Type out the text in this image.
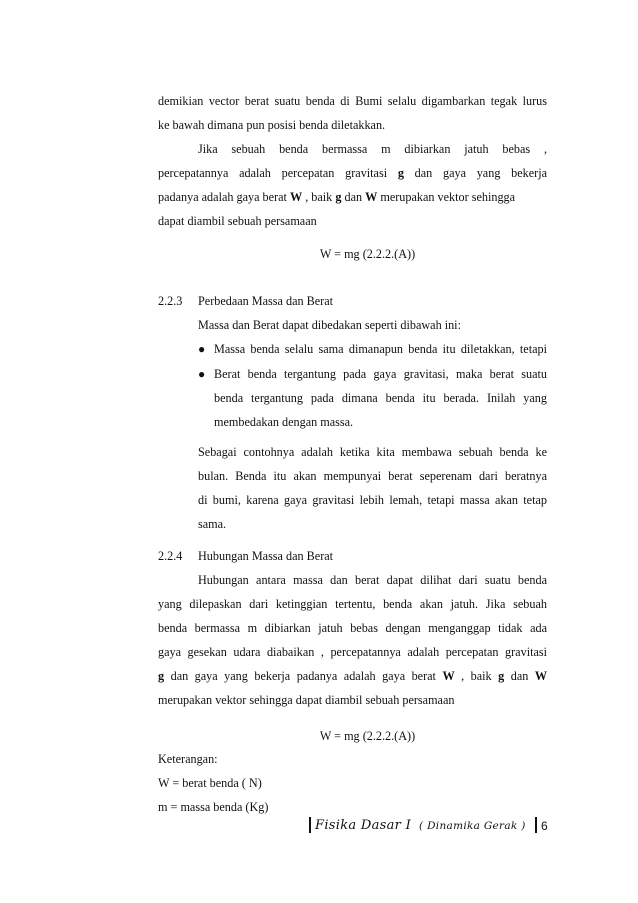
demikian vector berat suatu benda di Bumi selalu digambarkan tegak lurus
ke bawah dimana pun posisi benda diletakkan.
Jika sebuah benda bermassa m dibiarkan jatuh bebas ,
percepatannya adalah percepatan gravitasi g dan gaya yang bekerja
padanya adalah gaya berat W , baik g dan W merupakan vektor sehingga
dapat diambil sebuah persamaan
W = mg (2.2.2.(A))
2.2.3 Perbedaan Massa dan Berat
Massa dan Berat dapat dibedakan seperti dibawah ini:
● Massa benda selalu sama dimanapun benda itu diletakkan, tetapi
● Berat benda tergantung pada gaya gravitasi, maka berat suatu
benda tergantung pada dimana benda itu berada. Inilah yang
membedakan dengan massa.
Sebagai contohnya adalah ketika kita membawa sebuah benda ke
bulan. Benda itu akan mempunyai berat seperenam dari beratnya
di bumi, karena gaya gravitasi lebih lemah, tetapi massa akan tetap
sama.
2.2.4 Hubungan Massa dan Berat
Hubungan antara massa dan berat dapat dilihat dari suatu benda
yang dilepaskan dari ketinggian tertentu, benda akan jatuh. Jika sebuah
benda bermassa m dibiarkan jatuh bebas dengan menganggap tidak ada
gaya gesekan udara diabaikan , percepatannya adalah percepatan gravitasi
g dan gaya yang bekerja padanya adalah gaya berat W , baik g dan W
merupakan vektor sehingga dapat diambil sebuah persamaan
W = mg (2.2.2.(A))
Keterangan:
W = berat benda ( N)
m = massa benda (Kg)
Fisika Dasar I ( Dinamika Gerak ) 6
